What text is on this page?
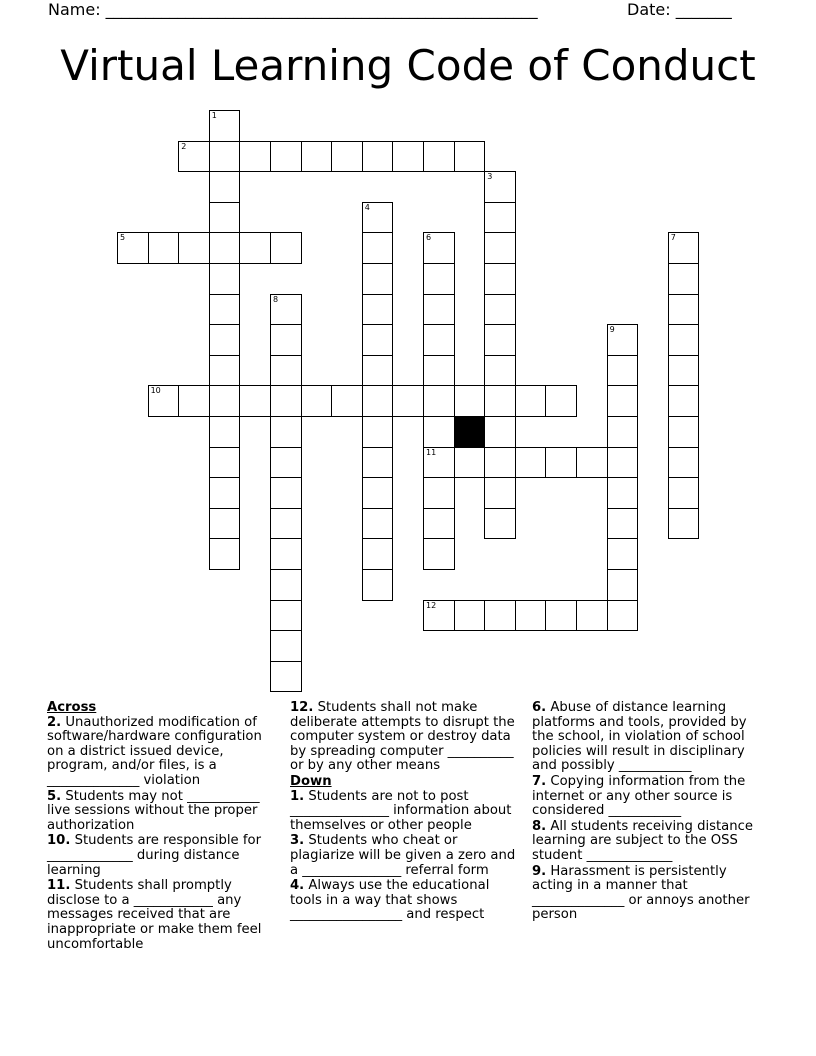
Name: ______________________________________________________	Date: _______
Virtual Learning Code of Conduct
1
2
3
4
5	6
11
7
8
9
10
12
Across
2. Unauthorized modification of software/hardware configuration on a district issued device, program, and/or files, is a ______________ violation
5. Students may not ___________ live sessions without the proper authorization
10. Students are responsible for _____________ during distance learning
11. Students shall promptly disclose to a ____________ any messages received that are inappropriate or make them feel uncomfortable
12. Students shall not make deliberate attempts to disrupt the computer system or destroy data by spreading computer __________ or by any other means
Down
1. Students are not to post _______________ information about themselves or other people
3. Students who cheat or plagiarize will be given a zero and a _______________ referral form
4. Always use the educational tools in a way that shows _________________ and respect
6. Abuse of distance learning platforms and tools, provided by the school, in violation of school policies will result in disciplinary and possibly ___________
7. Copying information from the internet or any other source is considered ___________
8. All students receiving distance learning are subject to the OSS student _____________
9. Harassment is persistently acting in a manner that ______________ or annoys another person
